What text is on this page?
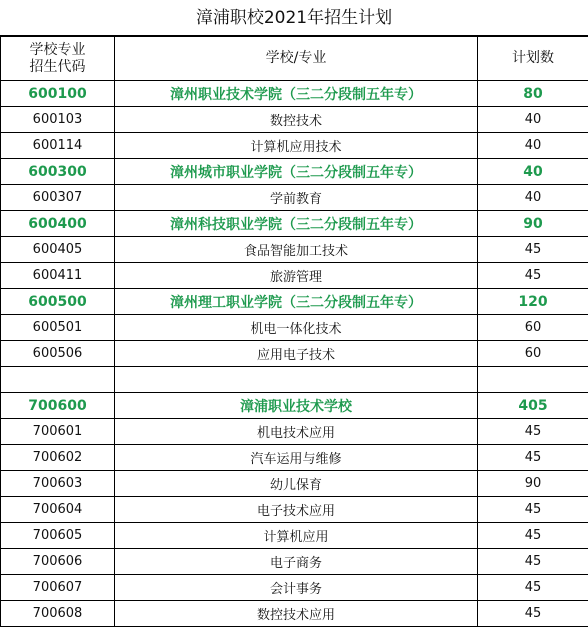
漳浦职校2021年招生计划
学校专业
招生代码	学校/专业	计划数
600100	漳州职业技术学院（三二分段制五年专）	80
600103	数控技术	40
600114	计算机应用技术	40
600300	漳州城市职业学院（三二分段制五年专）	40
600307	学前教育	40
600400	漳州科技职业学院（三二分段制五年专）	90
600405	食品智能加工技术	45
600411	旅游管理	45
600500	漳州理工职业学院（三二分段制五年专）	120
600501	机电一体化技术	60
600506	应用电子技术	60

700600	漳浦职业技术学校	405
700601	机电技术应用	45
700602	汽车运用与维修	45
700603	幼儿保育	90
700604	电子技术应用	45
700605	计算机应用	45
700606	电子商务	45
700607	会计事务	45
700608	数控技术应用	45
